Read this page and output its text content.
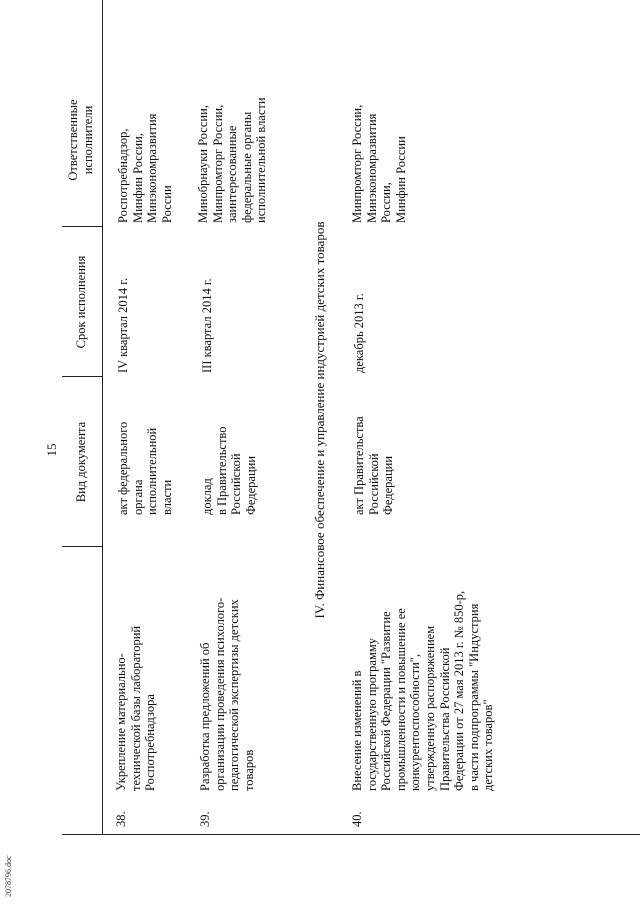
2078796.doc
15 Вид документа
Срок исполнения
Ответственные
исполнители
38.
Укрепление материально-
технической базы лабораторий
Роспотребнадзора
акт федерального
органа
исполнительной
власти
IV квартал 2014 г.
Роспотребнадзор,
Минфин России,
Минэкономразвития
России
39.
Разработка предложений об
организации проведения психолого-
педагогической экспертизы детских
товаров
доклад
в Правительство
Российской
Федерации
III квартал 2014 г.
Минобрнауки России,
Минпромторг России,
заинтересованные
федеральные органы
исполнительной власти
IV. Финансовое обеспечение и управление индустрией детских товаров
40.
Внесение изменений в
государственную программу
Российской Федерации "Развитие
промышленности и повышение ее
конкурентоспособности",
утвержденную распоряжением
Правительства Российской
Федерации от 27 мая 2013 г. № 850-р,
в части подпрограммы "Индустрия
детских товаров"
акт Правительства
Российской
Федерации
декабрь 2013 г.
Минпромторг России,
Минэкономразвития
России,
Минфин России
